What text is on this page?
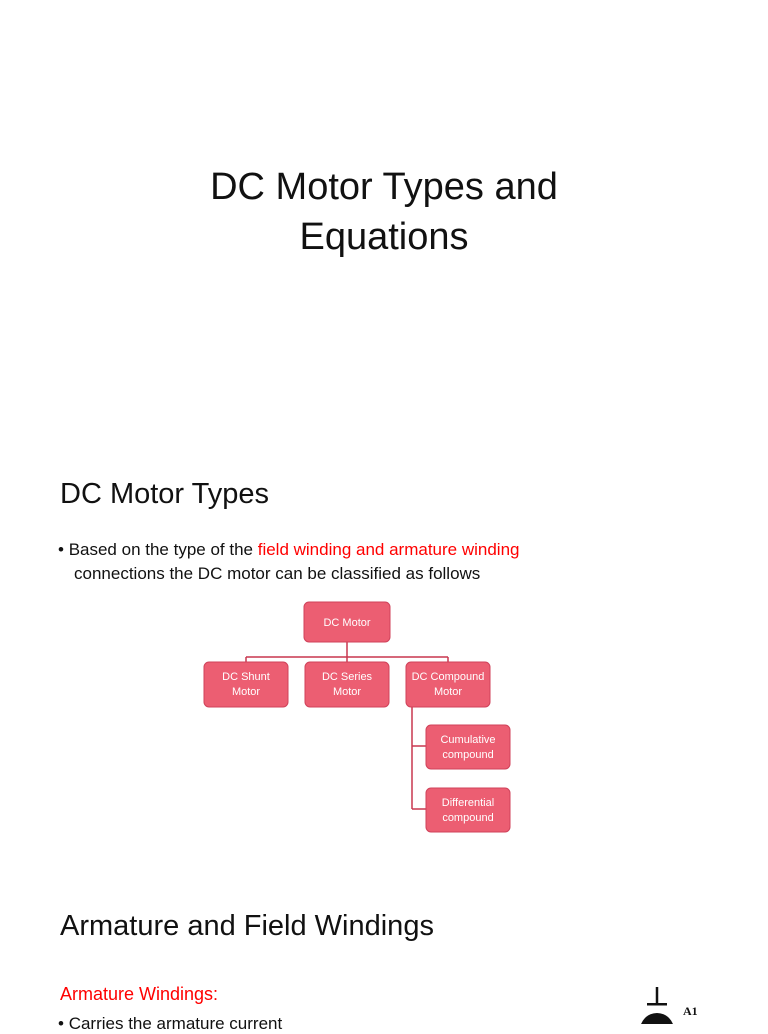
DC Motor Types and
Equations
DC Motor Types
• Based on the type of the field winding and armature winding
connections the DC motor can be classified as follows
DC Motor
DC Shunt
Motor
DC Series
Motor
DC Compound
Motor
Cumulative
compound
Differential
compound
Armature and Field Windings
Armature Windings:
• Carries the armature current
A1
